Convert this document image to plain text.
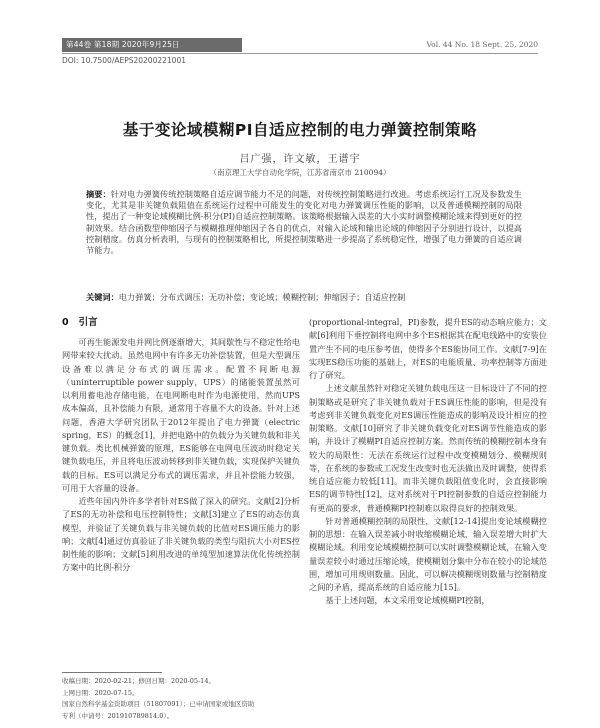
第44卷 第18期 2020年9月25日	Vol. 44 No. 18 Sept. 25, 2020
DOI: 10.7500/AEPS20200221001
基于变论域模糊PI自适应控制的电力弹簧控制策略
吕广强，许文敏，王谱宇
（南京理工大学自动化学院，江苏省南京市 210094）
摘要：针对电力弹簧传统控制策略自适应调节能力不足的问题，对传统控制策略进行改进。考虑系统运行工况及参数发生变化，尤其是非关键负载阻值在系统运行过程中可能发生的变化对电力弹簧调压性能的影响，以及普通模糊控制的局限性，提出了一种变论域模糊比例-积分(PI)自适应控制策略。该策略根据输入误差的大小实时调整模糊论域来得到更好的控制效果。结合函数型伸缩因子与模糊推理伸缩因子各自的优点，对输入论域和输出论域的伸缩因子分别进行设计，以提高控制精度。仿真分析表明，与现有的控制策略相比，所提控制策略进一步提高了系统稳定性，增强了电力弹簧的自适应调节能力。
关键词：电力弹簧；分布式调压；无功补偿；变论域；模糊控制；伸缩因子；自适应控制
0 引言

可再生能源发电并网比例逐渐增大，其间歇性与不稳定性给电网带来较大扰动。虽然电网中有许多无功补偿装置，但是大型调压设备难以满足分布式的调压需求。配置不间断电源（uninterruptible power supply，UPS）的储能装置虽然可以利用蓄电池存储电能，在电网断电时作为电源使用，然而UPS成本偏高，且补偿能力有限，通常用于容量不大的设备。针对上述问题，香港大学研究团队于2012年提出了电力弹簧（electric spring，ES）的概念[1]，并把电路中的负载分为关键负载和非关键负载。类比机械弹簧的原理，ES能够在电网电压波动时稳定关键负载电压，并且将电压波动转移到非关键负载，实现保护关键负载的目标。ES可以满足分布式的调压需求，并且补偿能力较强，可用于大容量的设备。

近些年国内外许多学者针对ES做了深入的研究。文献[2]分析了ES的无功补偿和电压控制特性；文献[3]建立了ES的动态仿真模型，并验证了关键负载与非关键负载的比值对ES调压能力的影响；文献[4]通过仿真验证了非关键负载的类型与阻抗大小对ES控制性能的影响；文献[5]利用改进的单纯型加速算法优化传统控制方案中的比例-积分

(proportional-integral，PI)参数，提升ES的动态响应能力；文献[6]利用下垂控制将电网中多个ES根据其在配电线路中的安装位置产生不同的电压参考值，使得多个ES能协同工作。文献[7-9]在实现ES稳压功能的基础上，对ES的电能质量、功率控制等方面进行了研究。

上述文献虽然针对稳定关键负载电压这一目标设计了不同的控制策略或是研究了非关键负载对于ES调压性能的影响，但是没有考虑到非关键负载变化对ES调压性能造成的影响及设计相应的控制策略。文献[10]研究了非关键负载变化对ES调节性能造成的影响，并设计了模糊PI自适应控制方案。然而传统的模糊控制本身有较大的局限性：无法在系统运行过程中改变模糊划分、模糊规则等，在系统的参数或工况发生改变时也无法做出及时调整，使得系统自适应能力较低[11]。而非关键负载阻值变化时，会直接影响ES的调节特性[12]，这对系统对于PI控制参数的自适应控制能力有更高的要求，普通模糊PI控制难以取得良好的控制效果。

针对普通模糊控制的局限性，文献[12-14]提出变论域模糊控制的思想：在输入误差减小时收缩模糊论域，输入误差增大时扩大模糊论域。利用变论域模糊控制可以实时调整模糊论域，在输入变量误差较小时通过压缩论域，使模糊划分集中分布在较小的论域范围，增加可用规则数量。因此，可以解决模糊规则数量与控制精度之间的矛盾，提高系统的自适应能力[15]。

基于上述问题，本文采用变论域模糊PI控制，

收稿日期：2020-02-21；修回日期：2020-05-14。
上网日期：2020-07-15。
国家自然科学基金资助项目（51807091）；已申请国家或地区资助
专利（中请号：201910789814.0）。
